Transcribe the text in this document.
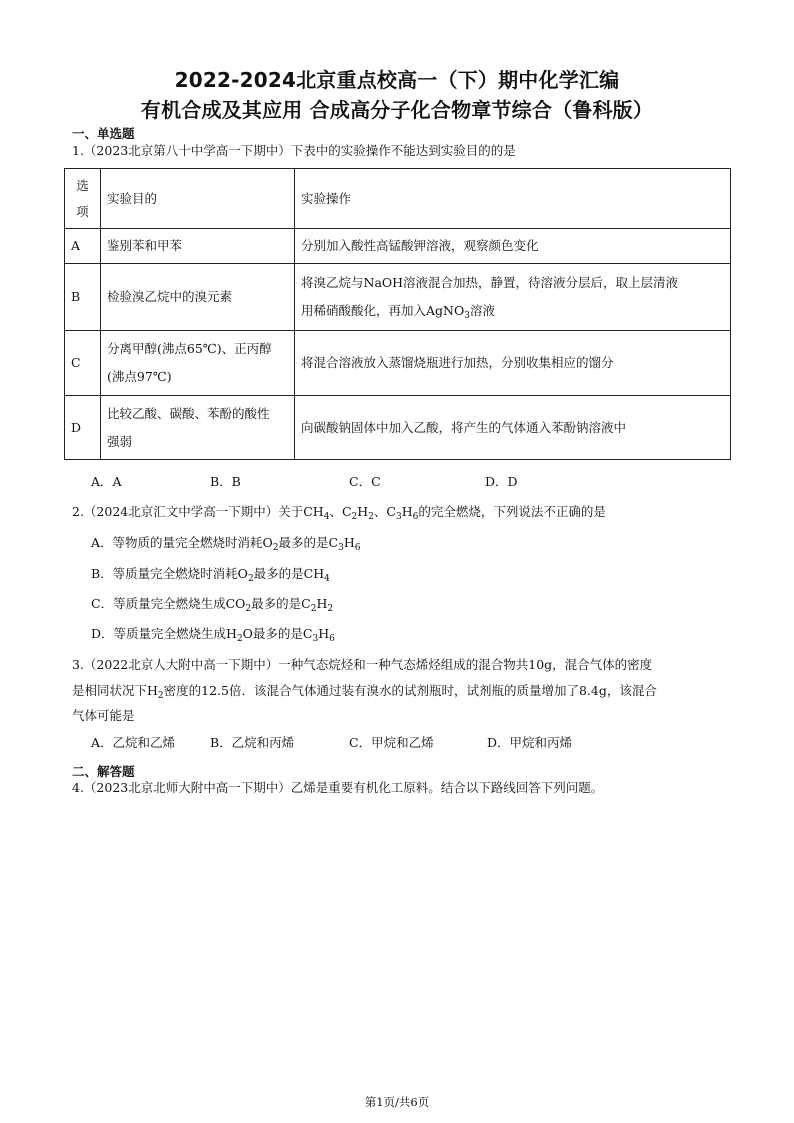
2022-2024北京重点校高一（下）期中化学汇编
有机合成及其应用 合成高分子化合物章节综合（鲁科版）
一、单选题
1.（2023北京第八十中学高一下期中）下表中的实验操作不能达到实验目的的是
选
项	实验目的	实验操作
A	鉴别苯和甲苯	分别加入酸性高锰酸钾溶液，观察颜色变化
B	检验溴乙烷中的溴元素	将溴乙烷与NaOH溶液混合加热，静置，待溶液分层后，取上层清液
用稀硝酸酸化，再加入AgNO$_3$溶液

C	分离甲醇(沸点65℃)、正丙醇
(沸点97℃)	将混合溶液放入蒸馏烧瓶进行加热，分别收集相应的馏分
D	比较乙酸、碳酸、苯酚的酸性
强弱	向碳酸钠固体中加入乙酸，将产生的气体通入苯酚钠溶液中
A．A	B．B	C．C	D．D
2.（2024北京汇文中学高一下期中）关于$CH_4$、$C_2H_2$、$C_3H_6$的完全燃烧，下列说法不正确的是
A．等物质的量完全燃烧时消耗$O_2$最多的是$C_3H_6$
B．等质量完全燃烧时消耗$O_2$最多的是$CH_4$
C．等质量完全燃烧生成$CO_2$最多的是$C_2H_2$
D．等质量完全燃烧生成$H_2O$最多的是$C_3H_6$
3.（2022北京人大附中高一下期中）一种气态烷烃和一种气态烯烃组成的混合物共10g，混合气体的密度
是相同状况下$H_2$密度的12.5倍．该混合气体通过装有溴水的试剂瓶时，试剂瓶的质量增加了8.4g，该混合
气体可能是
A．乙烷和乙烯	B．乙烷和丙烯	C．甲烷和乙烯	D．甲烷和丙烯
二、解答题
4.（2023北京北师大附中高一下期中）乙烯是重要有机化工原料。结合以下路线回答下列问题。
第1页/共6页
